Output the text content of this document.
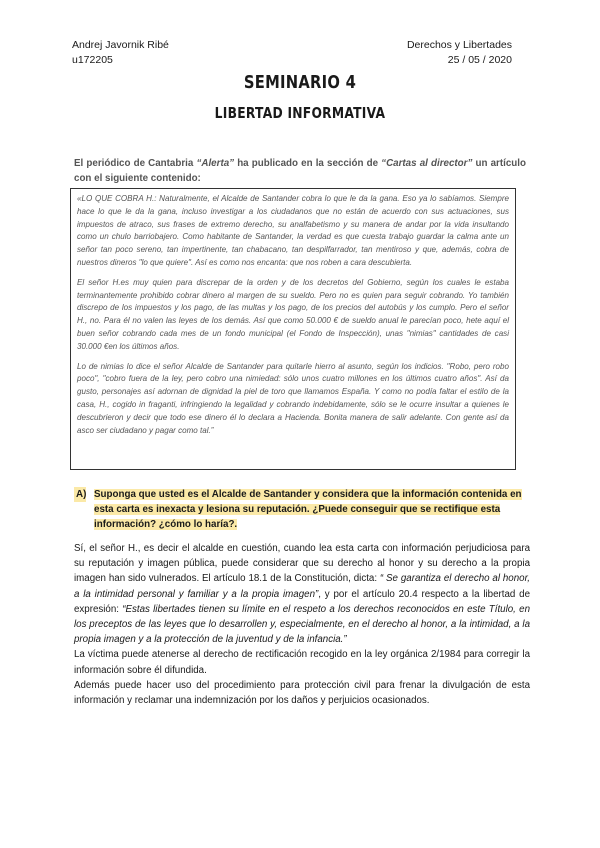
Andrej Javornik Ribé
u172205
Derechos y Libertades
25 / 05 / 2020
SEMINARIO 4
LIBERTAD INFORMATIVA
El periódico de Cantabria “Alerta” ha publicado en la sección de “Cartas al director” un artículo con el siguiente contenido:

«LO QUE COBRA H.: Naturalmente, el Alcalde de Santander cobra lo que le da la gana. Eso ya lo sabíamos. Siempre hace lo que le da la gana, incluso investigar a los ciudadanos que no están de acuerdo con sus actuaciones, sus impuestos de atraco, sus frases de extremo derecho, su analfabetismo y su manera de andar por la vida insultando como un chulo barriobajero. Como habitante de Santander, la verdad es que cuesta trabajo guardar la calma ante un señor tan poco sereno, tan impertinente, tan chabacano, tan despilfarrador, tan mentiroso y que, además, cobra de nuestros dineros "lo que quiere". Así es como nos encanta: que nos roben a cara descubierta.

El señor H.es muy quien para discrepar de la orden y de los decretos del Gobierno, según los cuales le estaba terminantemente prohibido cobrar dinero al margen de su sueldo. Pero no es quien para seguir cobrando. Yo también discrepo de los impuestos y los pago, de las multas y los pago, de los precios del autobús y los cumplo. Pero el señor H., no. Para él no valen las leyes de los demás. Así que como 50.000 € de sueldo anual le parecían poco, hete aquí el buen señor cobrando cada mes de un fondo municipal (el Fondo de Inspección), unas "nimias" cantidades de casi 30.000 €en los últimos años.

Lo de nimias lo dice el señor Alcalde de Santander para quitarle hierro al asunto, según los indicios. "Robo, pero robo poco", "cobro fuera de la ley, pero cobro una nimiedad: sólo unos cuatro millones en los últimos cuatro años". Así da gusto, personajes así adornan de dignidad la piel de toro que llamamos España. Y como no podía faltar el estilo de la casa, H., cogido in fraganti, infringiendo la legalidad y cobrando indebidamente, sólo se le ocurre insultar a quienes le descubrieron y decir que todo ese dinero él lo declara a Hacienda. Bonita manera de salir adelante. Con gente así da asco ser ciudadano y pagar como tal.”

A) Suponga que usted es el Alcalde de Santander y considera que la información contenida en esta carta es inexacta y lesiona su reputación. ¿Puede conseguir que se rectifique esta información? ¿cómo lo haría?.

Sí, el señor H., es decir el alcalde en cuestión, cuando lea esta carta con información perjudiciosa para su reputación y imagen pública, puede considerar que su derecho al honor y su derecho a la propia imagen han sido vulnerados. El artículo 18.1 de la Constitución, dicta: “ Se garantiza el derecho al honor, a la intimidad personal y familiar y a la propia imagen”, y por el artículo 20.4 respecto a la libertad de expresión: “Estas libertades tienen su límite en el respeto a los derechos reconocidos en este Título, en los preceptos de las leyes que lo desarrollen y, especialmente, en el derecho al honor, a la intimidad, a la propia imagen y a la protección de la juventud y de la infancia.”

La víctima puede atenerse al derecho de rectificación recogido en la ley orgánica 2/1984 para corregir la información sobre él difundida.

Además puede hacer uso del procedimiento para protección civil para frenar la divulgación de esta información y reclamar una indemnización por los daños y perjuicios ocasionados.
